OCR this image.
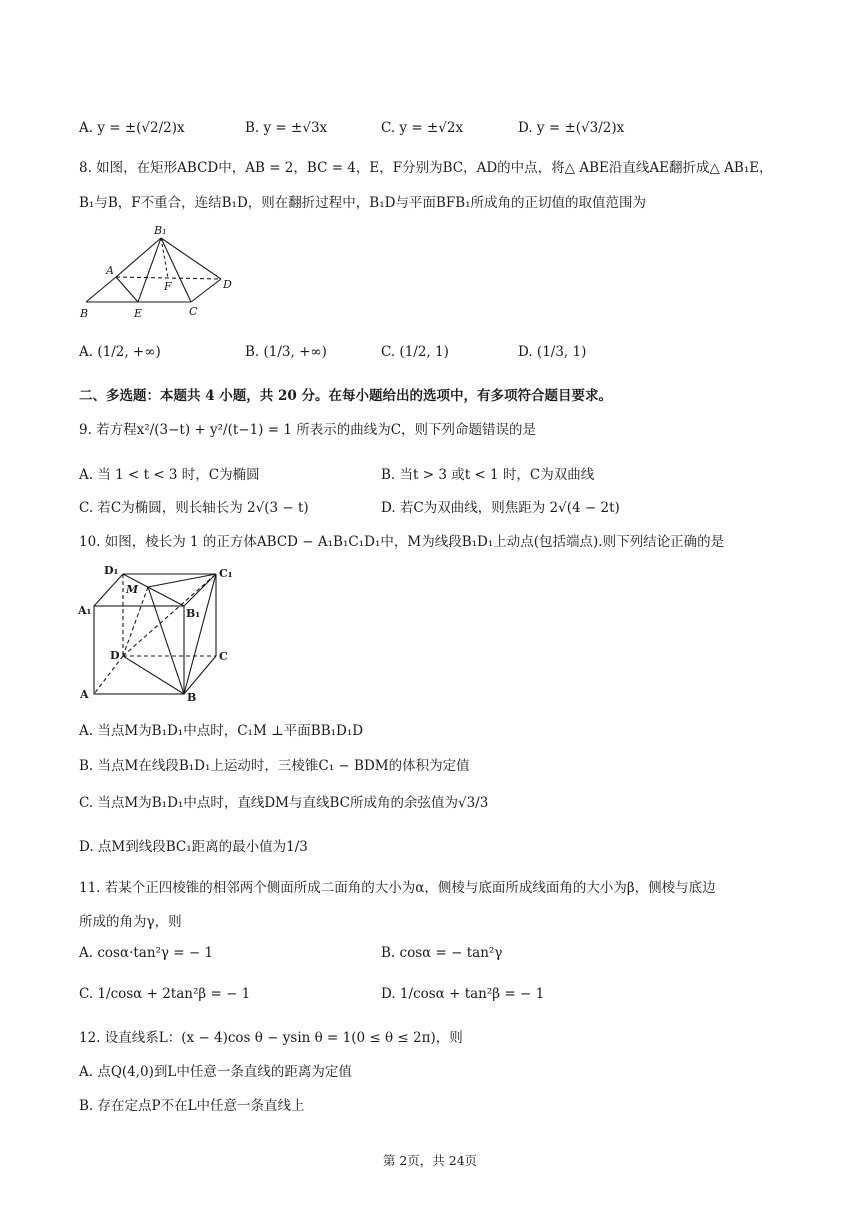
A. y = ±(√2/2)x	B. y = ±√3x	C. y = ±√2x	D. y = ±(√3/2)x
8. 如图，在矩形ABCD中，AB = 2，BC = 4，E，F分别为BC，AD的中点，将△ ABE沿直线AE翻折成△ AB₁E，
B₁与B，F不重合，连结B₁D，则在翻折过程中，B₁D与平面BFB₁所成角的正切值的取值范围为
B₁
A
F	D
B	E	C
A. (1/2, +∞)	B. (1/3, +∞)	C. (1/2, 1)	D. (1/3, 1)
二、多选题：本题共 4 小题，共 20 分。在每小题给出的选项中，有多项符合题目要求。
9. 若方程x²/(3−t) + y²/(t−1) = 1 所表示的曲线为C，则下列命题错误的是
A. 当 1 < t < 3 时，C为椭圆	B. 当t > 3 或t < 1 时，C为双曲线
C. 若C为椭圆，则长轴长为 2√(3 − t)	D. 若C为双曲线，则焦距为 2√(4 − 2t)
10. 如图，棱长为 1 的正方体ABCD − A₁B₁C₁D₁中，M为线段B₁D₁上动点(包括端点).则下列结论正确的是
D₁	C₁
M
A₁	B₁
D	C
A	B
A. 当点M为B₁D₁中点时，C₁M ⊥平面BB₁D₁D
B. 当点M在线段B₁D₁上运动时，三棱锥C₁ − BDM的体积为定值
C. 当点M为B₁D₁中点时，直线DM与直线BC所成角的余弦值为√3/3
D. 点M到线段BC₁距离的最小值为1/3
11. 若某个正四棱锥的相邻两个侧面所成二面角的大小为α，侧棱与底面所成线面角的大小为β，侧棱与底边
所成的角为γ，则
A. cosα·tan²γ = − 1	B. cosα = − tan²γ
C. 1/cosα + 2tan²β = − 1	D. 1/cosα + tan²β = − 1
12. 设直线系L：(x − 4)cos θ − ysin θ = 1(0 ≤ θ ≤ 2π)，则
A. 点Q(4,0)到L中任意一条直线的距离为定值
B. 存在定点P不在L中任意一条直线上
第 2页，共 24页
